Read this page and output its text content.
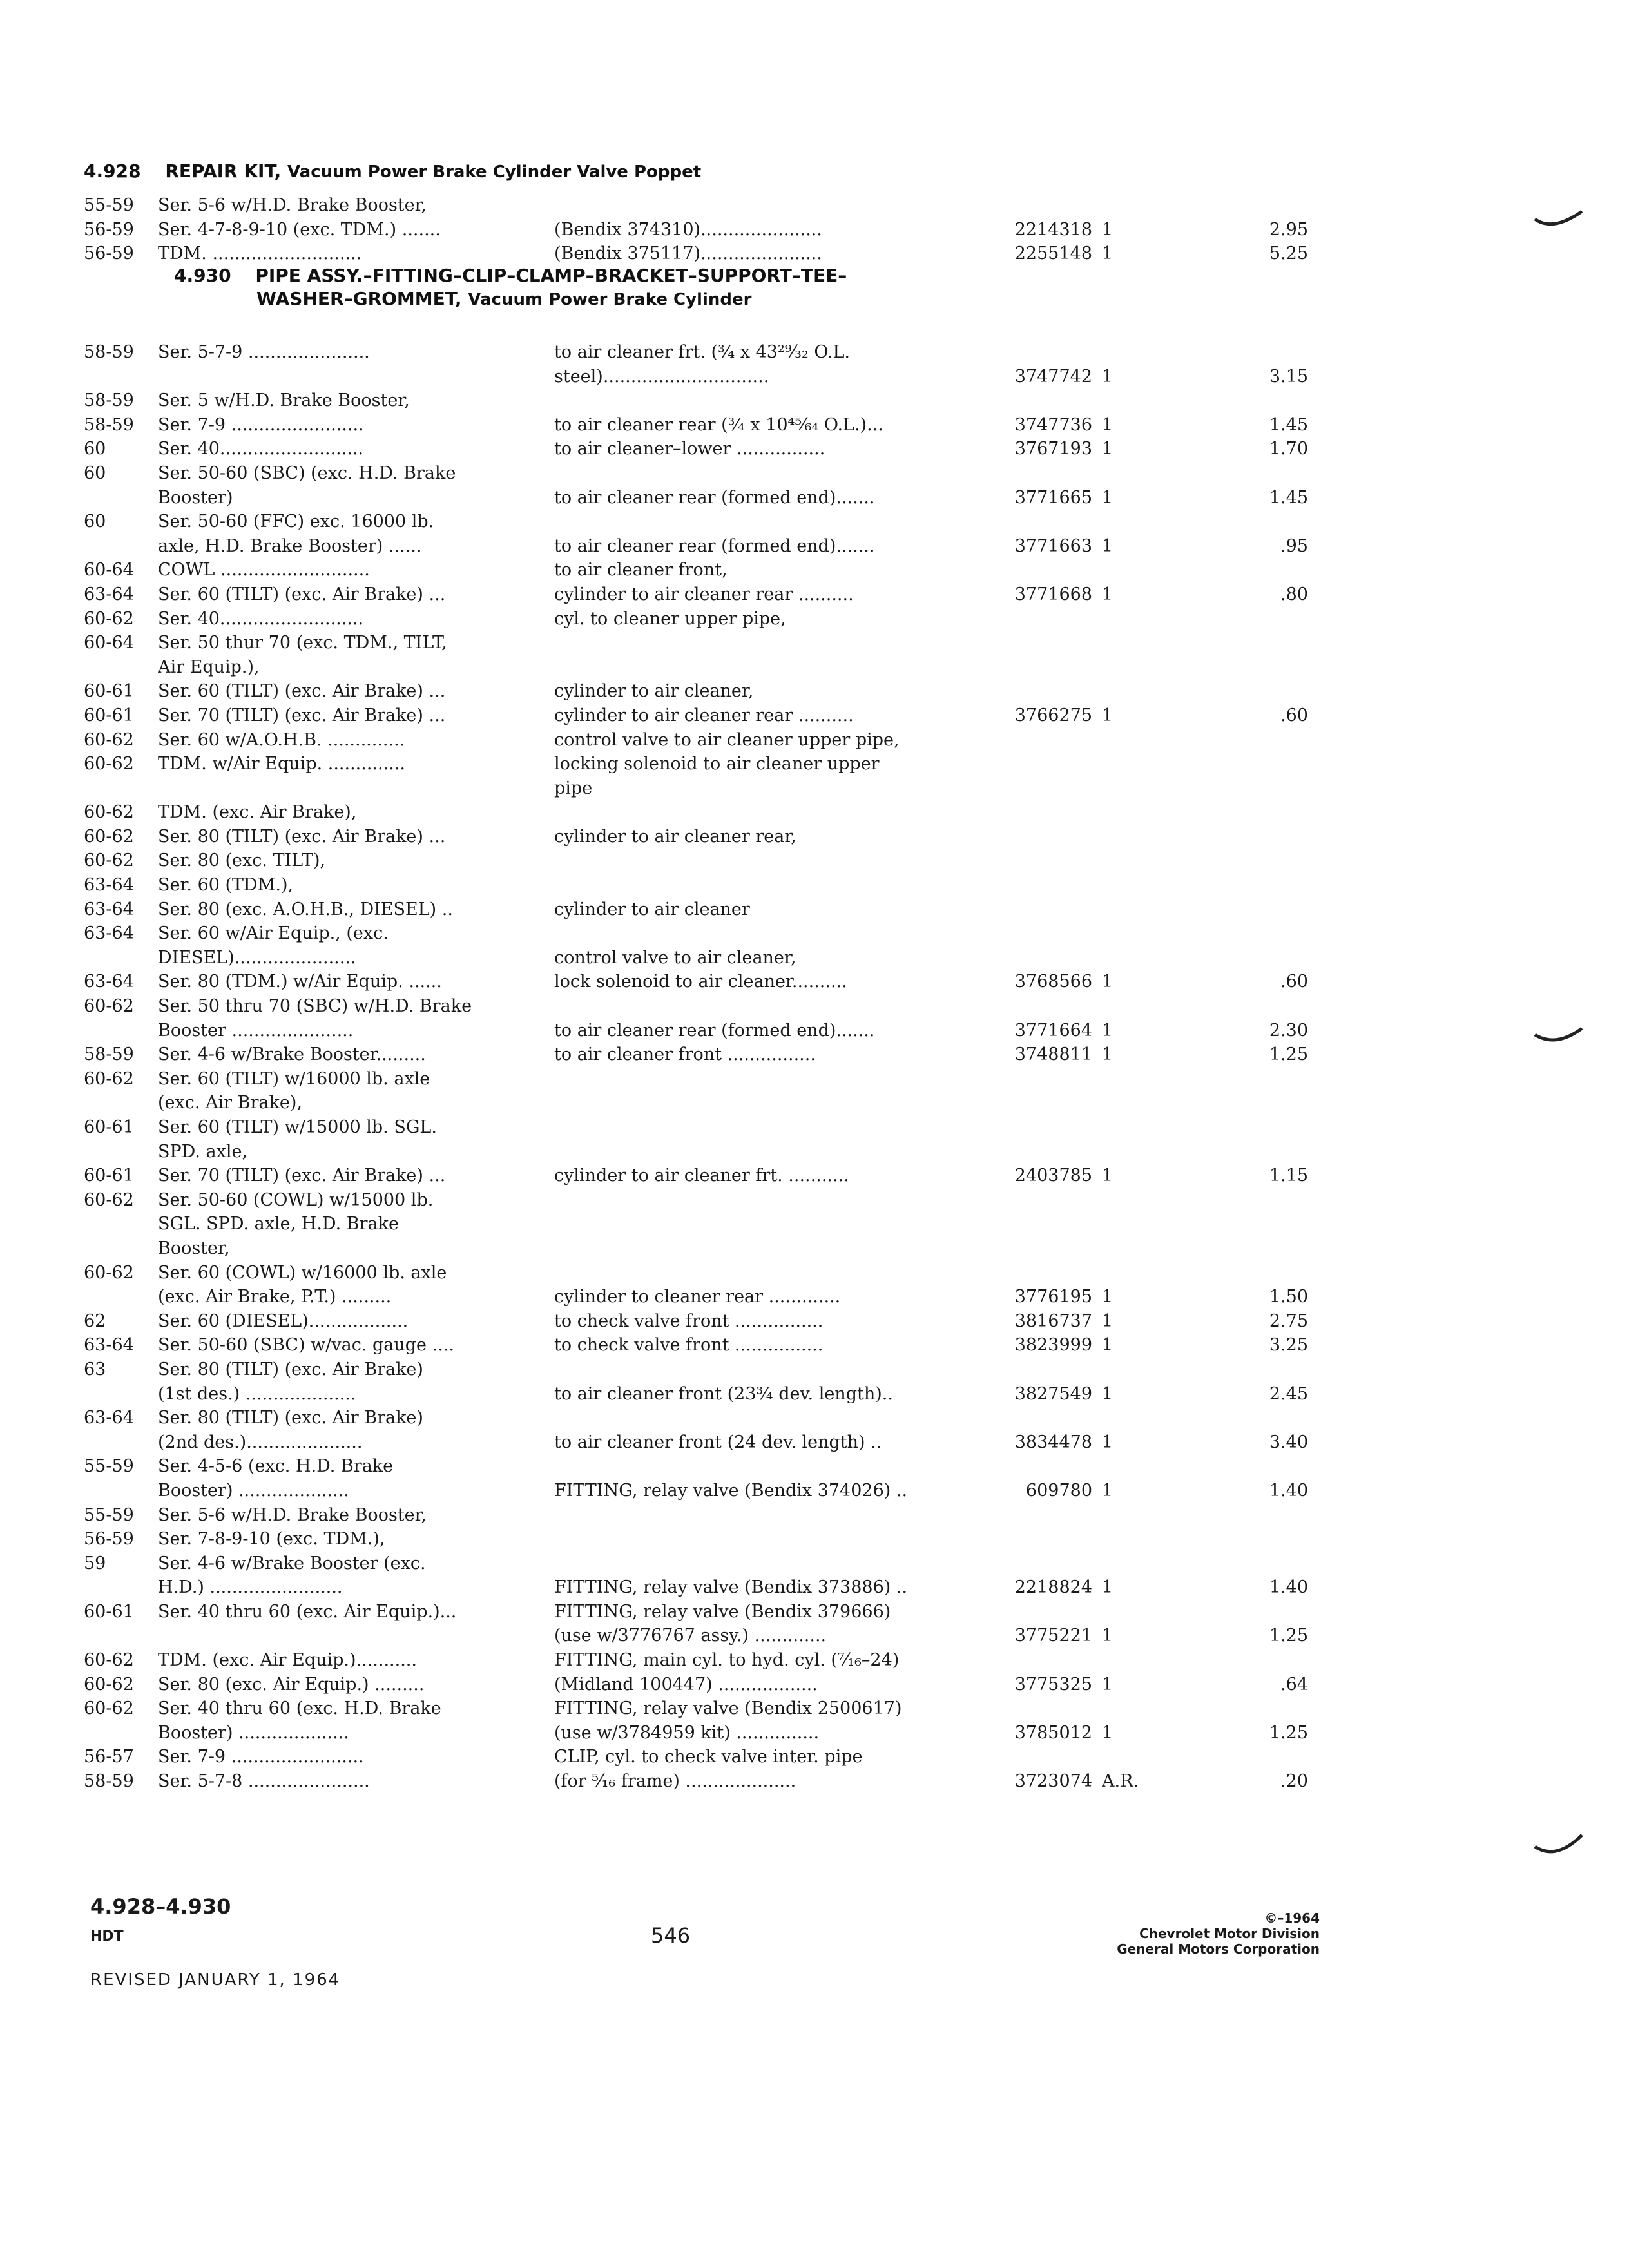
4.928 REPAIR KIT, Vacuum Power Brake Cylinder Valve Poppet
55-59	Ser. 5-6 w/H.D. Brake Booster,
56-59	Ser. 4-7-8-9-10 (exc. TDM.) .......	(Bendix 374310)......................	2214318 1	2.95
56-59	TDM. ...........................	(Bendix 375117)......................	2255148 1	5.25
4.930 PIPE ASSY.–FITTING–CLIP–CLAMP–BRACKET–SUPPORT–TEE–
WASHER–GROMMET, Vacuum Power Brake Cylinder
58-59	Ser. 5-7-9 ......................	to air cleaner frt. (¾ x 43²⁹⁄₃₂ O.L.
steel)..............................	3747742 1	3.15
58-59	Ser. 5 w/H.D. Brake Booster,
58-59	Ser. 7-9 ........................	to air cleaner rear (¾ x 10⁴⁵⁄₆₄ O.L.)...	3747736 1	1.45
60	Ser. 40..........................	to air cleaner–lower ................	3767193 1	1.70
60	Ser. 50-60 (SBC) (exc. H.D. Brake
Booster)	to air cleaner rear (formed end).......	3771665 1	1.45
60	Ser. 50-60 (FFC) exc. 16000 lb.
axle, H.D. Brake Booster) ......	to air cleaner rear (formed end).......	3771663 1	.95
60-64	COWL ...........................	to air cleaner front,
63-64	Ser. 60 (TILT) (exc. Air Brake) ...	cylinder to air cleaner rear ..........	3771668 1	.80
60-62	Ser. 40..........................	cyl. to cleaner upper pipe,
60-64	Ser. 50 thur 70 (exc. TDM., TILT,
Air Equip.),
60-61	Ser. 60 (TILT) (exc. Air Brake) ...	cylinder to air cleaner,
60-61	Ser. 70 (TILT) (exc. Air Brake) ...	cylinder to air cleaner rear ..........	3766275 1	.60
60-62	Ser. 60 w/A.O.H.B. ..............	control valve to air cleaner upper pipe,
60-62	TDM. w/Air Equip. ..............	locking solenoid to air cleaner upper
pipe
60-62	TDM. (exc. Air Brake),
60-62	Ser. 80 (TILT) (exc. Air Brake) ...	cylinder to air cleaner rear,
60-62	Ser. 80 (exc. TILT),
63-64	Ser. 60 (TDM.),
63-64	Ser. 80 (exc. A.O.H.B., DIESEL) ..	cylinder to air cleaner
63-64	Ser. 60 w/Air Equip., (exc.
DIESEL)......................	control valve to air cleaner,
63-64	Ser. 80 (TDM.) w/Air Equip. ......	lock solenoid to air cleaner..........	3768566 1	.60
60-62	Ser. 50 thru 70 (SBC) w/H.D. Brake
Booster ......................	to air cleaner rear (formed end).......	3771664 1	2.30
58-59	Ser. 4-6 w/Brake Booster.........	to air cleaner front ................	3748811 1	1.25
60-62	Ser. 60 (TILT) w/16000 lb. axle
(exc. Air Brake),
60-61	Ser. 60 (TILT) w/15000 lb. SGL.
SPD. axle,
60-61	Ser. 70 (TILT) (exc. Air Brake) ...	cylinder to air cleaner frt. ...........	2403785 1	1.15
60-62	Ser. 50-60 (COWL) w/15000 lb.
SGL. SPD. axle, H.D. Brake
Booster,
60-62	Ser. 60 (COWL) w/16000 lb. axle
(exc. Air Brake, P.T.) .........	cylinder to cleaner rear .............	3776195 1	1.50
62	Ser. 60 (DIESEL)..................	to check valve front ................	3816737 1	2.75
63-64	Ser. 50-60 (SBC) w/vac. gauge ....	to check valve front ................	3823999 1	3.25
63	Ser. 80 (TILT) (exc. Air Brake)
(1st des.) ....................	to air cleaner front (23¾ dev. length)..	3827549 1	2.45
63-64	Ser. 80 (TILT) (exc. Air Brake)
(2nd des.).....................	to air cleaner front (24 dev. length) ..	3834478 1	3.40
55-59	Ser. 4-5-6 (exc. H.D. Brake
Booster) ....................	FITTING, relay valve (Bendix 374026) ..	609780 1	1.40
55-59	Ser. 5-6 w/H.D. Brake Booster,
56-59	Ser. 7-8-9-10 (exc. TDM.),
59	Ser. 4-6 w/Brake Booster (exc.
H.D.) ........................	FITTING, relay valve (Bendix 373886) ..	2218824 1	1.40
60-61	Ser. 40 thru 60 (exc. Air Equip.)...	FITTING, relay valve (Bendix 379666)
(use w/3776767 assy.) .............	3775221 1	1.25
60-62	TDM. (exc. Air Equip.)...........	FITTING, main cyl. to hyd. cyl. (⁷⁄₁₆–24)
60-62	Ser. 80 (exc. Air Equip.) .........	(Midland 100447) ..................	3775325 1	.64
60-62	Ser. 40 thru 60 (exc. H.D. Brake	FITTING, relay valve (Bendix 2500617)
Booster) ....................	(use w/3784959 kit) ...............	3785012 1	1.25
56-57	Ser. 7-9 ........................	CLIP, cyl. to check valve inter. pipe
58-59	Ser. 5-7-8 ......................	(for ⁵⁄₁₆ frame) ....................	3723074 A.R.	.20
4.928–4.930
HDT
REVISED JANUARY 1, 1964
546
©–1964
Chevrolet Motor Division
General Motors Corporation
